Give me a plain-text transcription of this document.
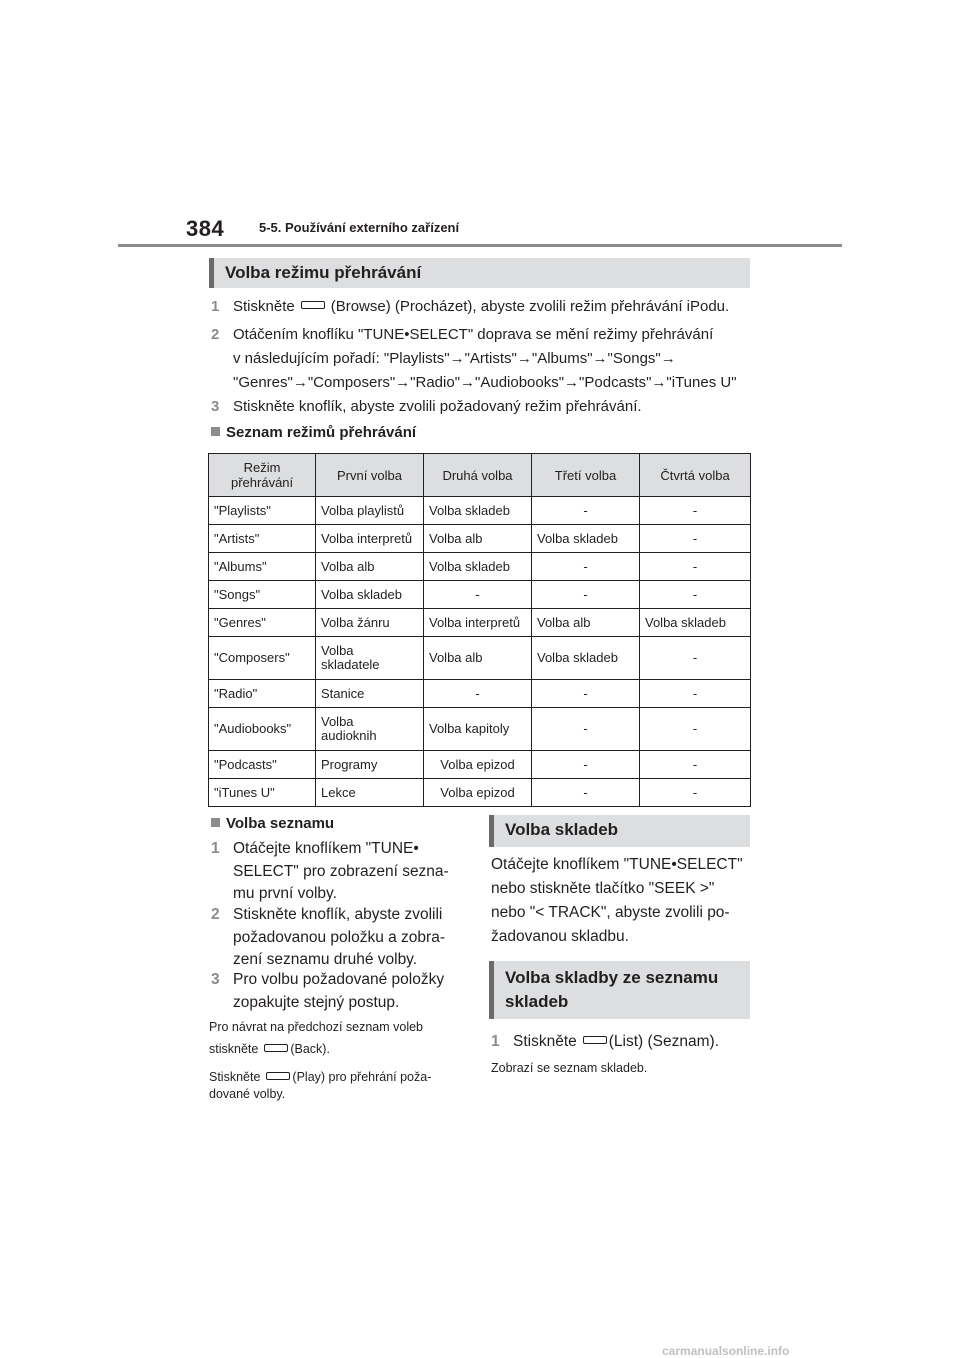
384	5-5. Používání externího zařízení
Volba režimu přehrávání
1 Stiskněte (Browse) (Procházet), abyste zvolili režim přehrávání iPodu.
2 Otáčením knoflíku "TUNE•SELECT" doprava se mění režimy přehrávání
v následujícím pořadí: "Playlists"→"Artists"→"Albums"→"Songs"→
"Genres"→"Composers"→"Radio"→"Audiobooks"→"Podcasts"→"iTunes U"
3 Stiskněte knoflík, abyste zvolili požadovaný režim přehrávání.
Seznam režimů přehrávání
Režim přehrávání	První volba	Druhá volba	Třetí volba	Čtvrtá volba
"Playlists"	Volba playlistů	Volba skladeb	-	-
"Artists"	Volba interpretů	Volba alb	Volba skladeb	-
"Albums"	Volba alb	Volba skladeb	-	-
"Songs"	Volba skladeb	-	-	-
"Genres"	Volba žánru	Volba interpretů	Volba alb	Volba skladeb
"Composers"	Volba skladatele	Volba alb	Volba skladeb	-
"Radio"	Stanice	-	-	-
"Audiobooks"	Volba audioknih	Volba kapitoly	-	-
"Podcasts"	Programy	Volba epizod	-	-
"iTunes U"	Lekce	Volba epizod	-	-
Volba seznamu
1 Otáčejte knoflíkem "TUNE•
SELECT" pro zobrazení sezna-
mu první volby.
2 Stiskněte knoflík, abyste zvolili
požadovanou položku a zobra-
zení seznamu druhé volby.
3 Pro volbu požadované položky
zopakujte stejný postup.
Pro návrat na předchozí seznam voleb
stiskněte	(Back).
Stiskněte	(Play) pro přehrání poža-
dované volby.
Volba skladeb
Otáčejte knoflíkem "TUNE•SELECT"
nebo stiskněte tlačítko "SEEK >"
nebo "< TRACK", abyste zvolili po-
žadovanou skladbu.
Volba skladby ze seznamu
skladeb
1 Stiskněte (List) (Seznam).
Zobrazí se seznam skladeb.
carmanualsonline.info
